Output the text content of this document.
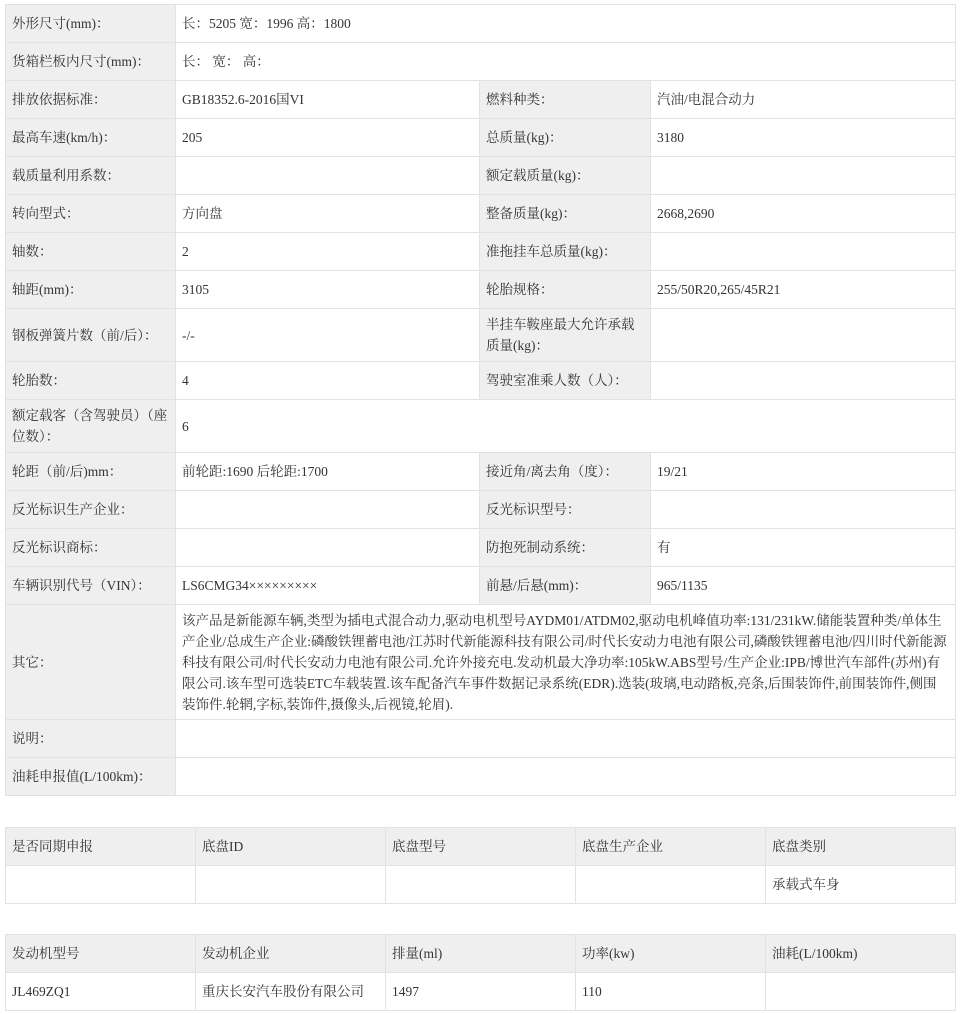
外形尺寸(mm)：	长：5205 宽：1996 高：1800		
货箱栏板内尺寸(mm)：	长： 宽： 高：		
排放依据标准：	GB18352.6-2016国VI	燃料种类：	汽油/电混合动力
最高车速(km/h)：	205	总质量(kg)：	3180
载质量利用系数：		额定载质量(kg)：	
转向型式：	方向盘	整备质量(kg)：	2668,2690
轴数：	2	准拖挂车总质量(kg)：	
轴距(mm)：	3105	轮胎规格：	255/50R20,265/45R21
钢板弹簧片数（前/后）：	-/-	半挂车鞍座最大允许承载质量(kg)：	
轮胎数：	4	驾驶室准乘人数（人）：	
额定载客（含驾驶员）（座位数）：	6		
轮距（前/后)mm：	前轮距:1690 后轮距:1700	接近角/离去角（度）：	19/21
反光标识生产企业：		反光标识型号：	
反光标识商标：		防抱死制动系统：	有
车辆识别代号（VIN）：	LS6CMG34×××××××××	前悬/后悬(mm)：	965/1135
其它：	该产品是新能源车辆,类型为插电式混合动力,驱动电机型号AYDM01/ATDM02,驱动电机峰值功率:131/231kW.储能装置种类/单体生产企业/总成生产企业:磷酸铁锂蓄电池/江苏时代新能源科技有限公司/时代长安动力电池有限公司,磷酸铁锂蓄电池/四川时代新能源科技有限公司/时代长安动力电池有限公司.允许外接充电.发动机最大净功率:105kW.ABS型号/生产企业:IPB/博世汽车部件(苏州)有限公司.该车型可选装ETC车载装置.该车配备汽车事件数据记录系统(EDR).选装(玻璃,电动踏板,亮条,后围装饰件,前围装饰件,侧围装饰件.轮辋,字标,装饰件,摄像头,后视镜,轮眉).		
说明：			
油耗申报值(L/100km)：			
是否同期申报	底盘ID	底盘型号	底盘生产企业	底盘类别
				承载式车身
发动机型号	发动机企业	排量(ml)	功率(kw)	油耗(L/100km)
JL469ZQ1	重庆长安汽车股份有限公司	1497	110	
